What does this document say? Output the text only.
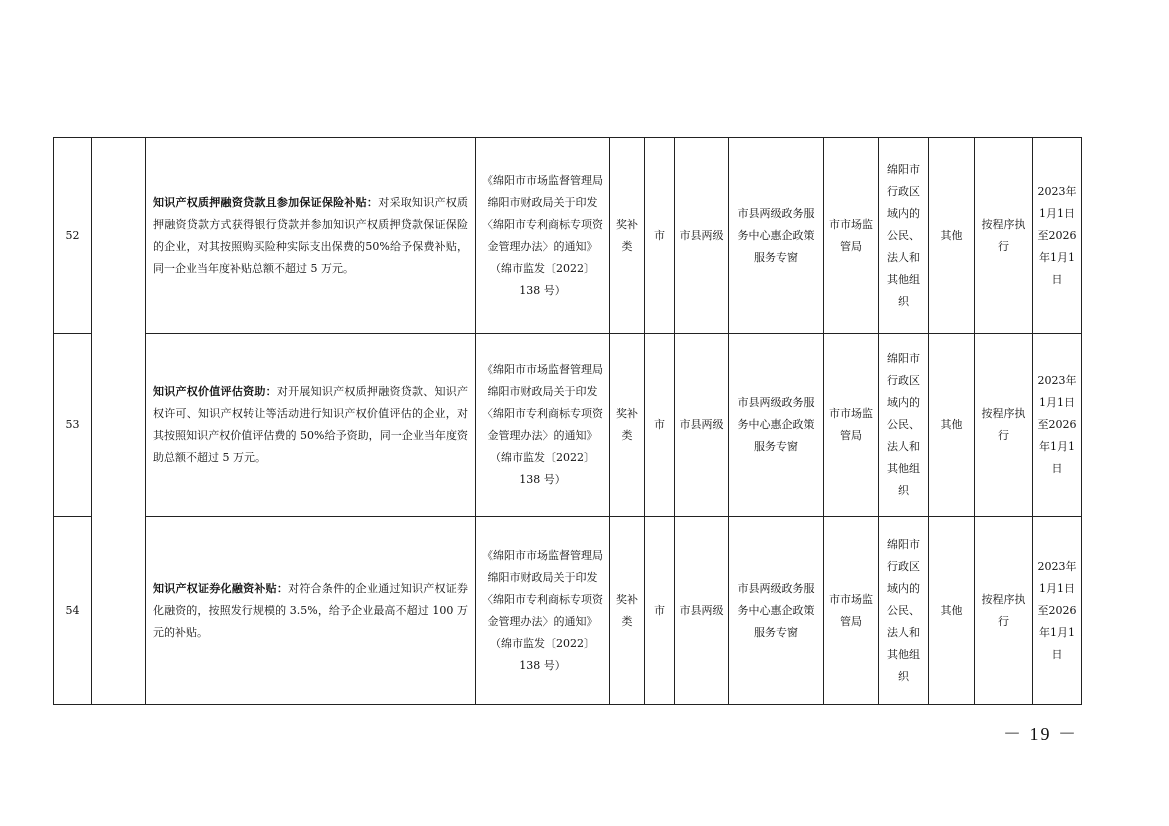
52		知识产权质押融资贷款且参加保证保险补贴：对采取知识产权质押融资贷款方式获得银行贷款并参加知识产权质押贷款保证保险的企业，对其按照购买险种实际支出保费的50%给予保费补贴，同一企业当年度补贴总额不超过 5 万元。	《绵阳市市场监督管理局绵阳市财政局关于印发〈绵阳市专利商标专项资金管理办法〉的通知》（绵市监发〔2022〕138 号）	奖补类	市	市县两级	市县两级政务服务中心惠企政策服务专窗	市市场监管局	绵阳市行政区域内的公民、法人和其他组织	其他	按程序执行	2023年1月1日至2026年1月1日
53		知识产权价值评估资助：对开展知识产权质押融资贷款、知识产权许可、知识产权转让等活动进行知识产权价值评估的企业，对其按照知识产权价值评估费的 50%给予资助，同一企业当年度资助总额不超过 5 万元。	《绵阳市市场监督管理局绵阳市财政局关于印发〈绵阳市专利商标专项资金管理办法〉的通知》（绵市监发〔2022〕138 号）	奖补类	市	市县两级	市县两级政务服务中心惠企政策服务专窗	市市场监管局	绵阳市行政区域内的公民、法人和其他组织	其他	按程序执行	2023年1月1日至2026年1月1日
54		知识产权证券化融资补贴：对符合条件的企业通过知识产权证券化融资的，按照发行规模的 3.5%，给予企业最高不超过 100 万元的补贴。	《绵阳市市场监督管理局绵阳市财政局关于印发〈绵阳市专利商标专项资金管理办法〉的通知》（绵市监发〔2022〕138 号）	奖补类	市	市县两级	市县两级政务服务中心惠企政策服务专窗	市市场监管局	绵阳市行政区域内的公民、法人和其他组织	其他	按程序执行	2023年1月1日至2026年1月1日
－ 19 －
